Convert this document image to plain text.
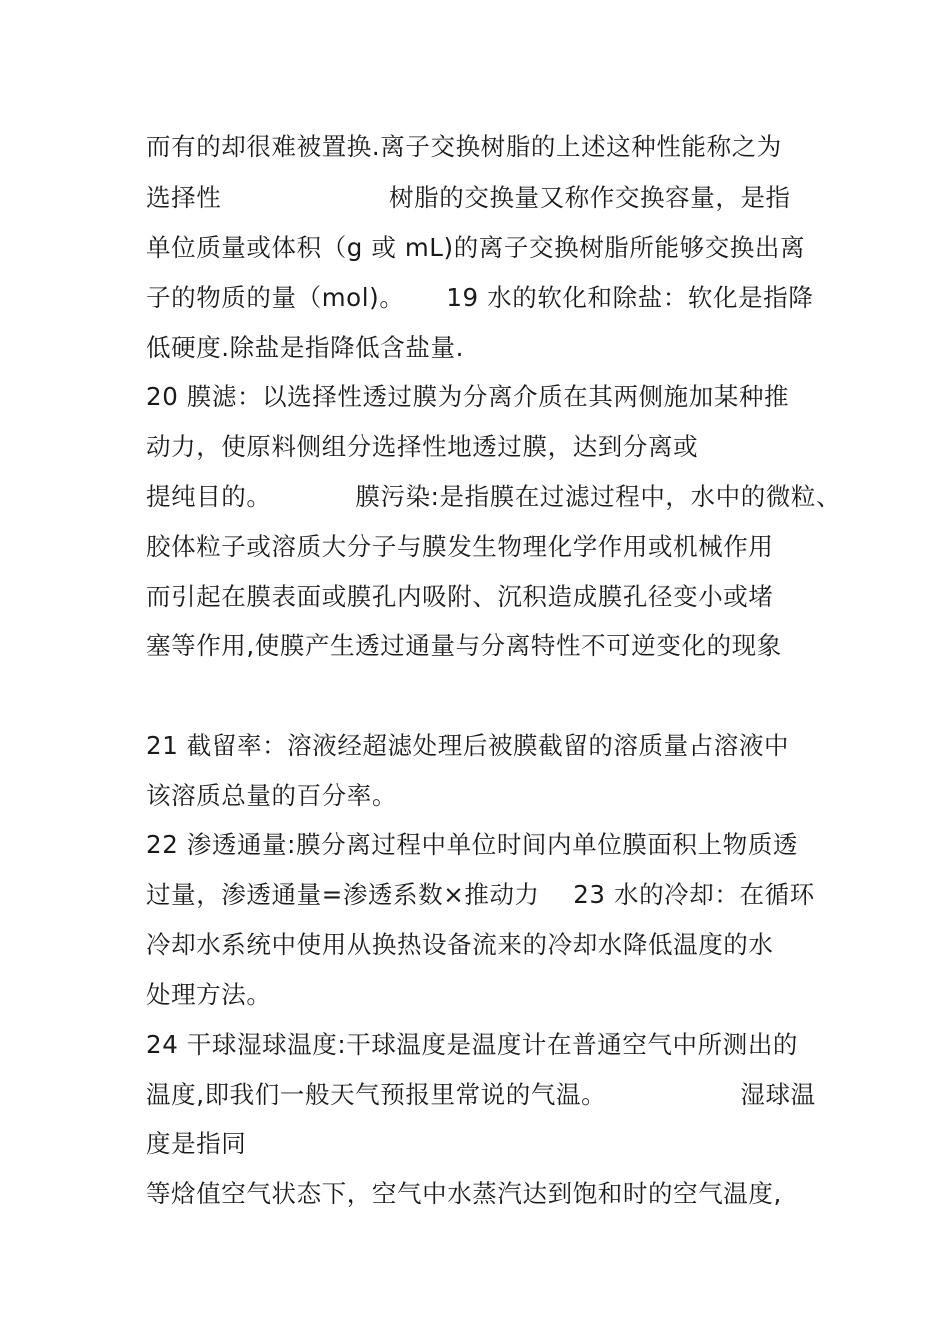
而有的却很难被置换.离子交换树脂的上述这种性能称之为
选择性                    树脂的交换量又称作交换容量，是指
单位质量或体积（g 或 mL)的离子交换树脂所能够交换出离
子的物质的量（mol)。     19 水的软化和除盐：软化是指降
低硬度.除盐是指降低含盐量.
20 膜滤：以选择性透过膜为分离介质在其两侧施加某种推
动力，使原料侧组分选择性地透过膜，达到分离或
提纯目的。          膜污染:是指膜在过滤过程中，水中的微粒、
胶体粒子或溶质大分子与膜发生物理化学作用或机械作用
而引起在膜表面或膜孔内吸附、沉积造成膜孔径变小或堵
塞等作用,使膜产生透过通量与分离特性不可逆变化的现象
21 截留率：溶液经超滤处理后被膜截留的溶质量占溶液中
该溶质总量的百分率。
22 渗透通量:膜分离过程中单位时间内单位膜面积上物质透
过量，渗透通量=渗透系数×推动力    23 水的冷却：在循环
冷却水系统中使用从换热设备流来的冷却水降低温度的水
处理方法。
24 干球湿球温度:干球温度是温度计在普通空气中所测出的
温度,即我们一般天气预报里常说的气温。                湿球温
度是指同
等焓值空气状态下，空气中水蒸汽达到饱和时的空气温度,
